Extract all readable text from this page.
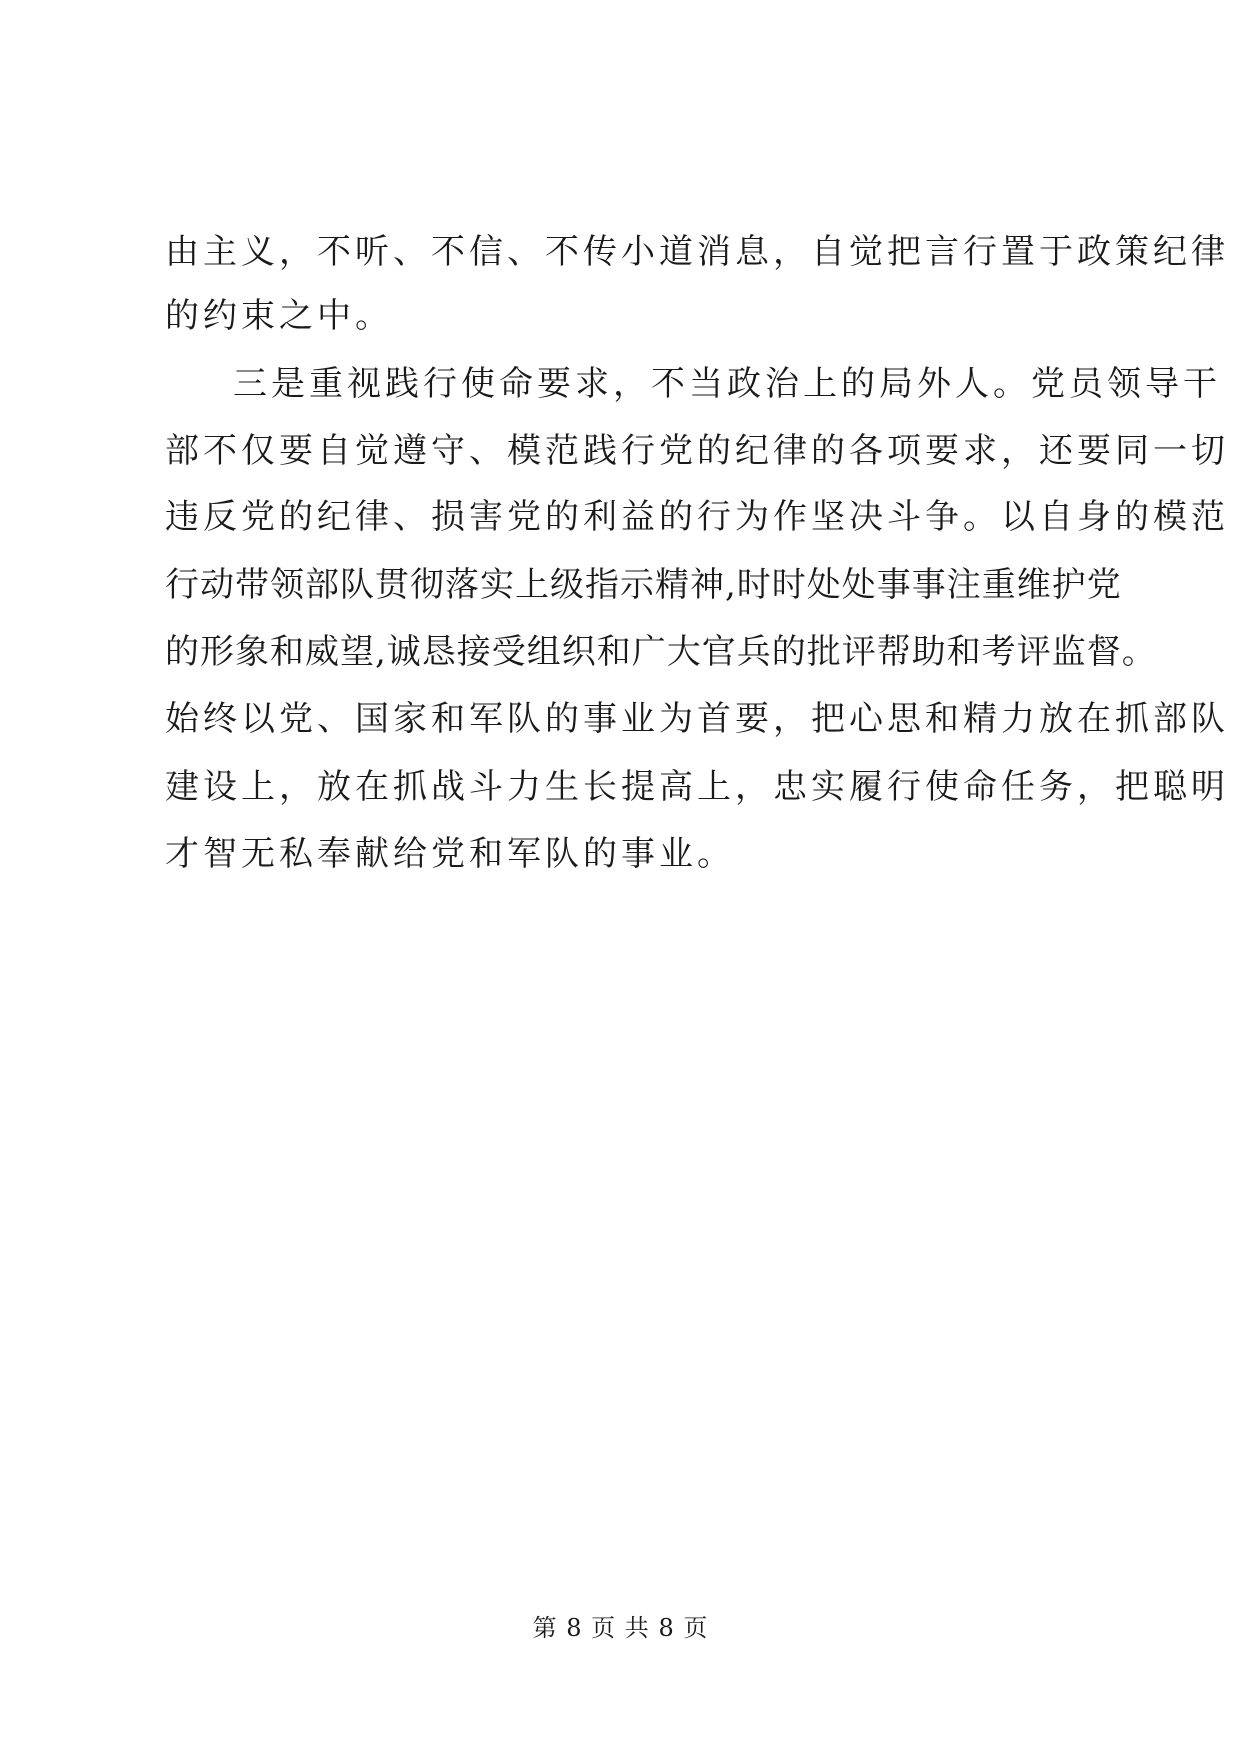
由主义，不听、不信、不传小道消息，自觉把言行置于政策纪律
的约束之中。
三是重视践行使命要求，不当政治上的局外人。党员领导干
部不仅要自觉遵守、模范践行党的纪律的各项要求，还要同一切
违反党的纪律、损害党的利益的行为作坚决斗争。以自身的模范
行动带领部队贯彻落实上级指示精神,时时处处事事注重维护党
的形象和威望,诚恳接受组织和广大官兵的批评帮助和考评监督。
始终以党、国家和军队的事业为首要，把心思和精力放在抓部队
建设上，放在抓战斗力生长提高上，忠实履行使命任务，把聪明
才智无私奉献给党和军队的事业。
第 8 页 共 8 页
